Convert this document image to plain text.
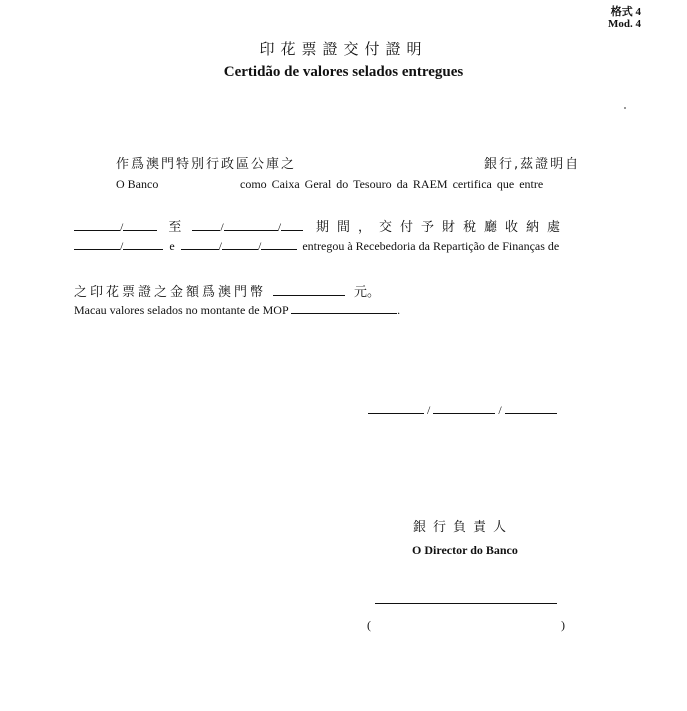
格式 4
Mod. 4
印花票證交付證明
Certidão de valores selados entregues
作爲澳門特別行政區公庫之	銀行,茲證明自
O Banco	como Caixa Geral do Tesouro da RAEM certifica que entre
/	至	/	/	期間，交付予財稅廳收納處
/	e	/	/	entregou à Recebedoria da Repartição de Finanças de
之印花票證之金額爲澳門幣	元。
Macau valores selados no montante de MOP	.
/	/
銀行負責人
O Director do Banco
(	)
